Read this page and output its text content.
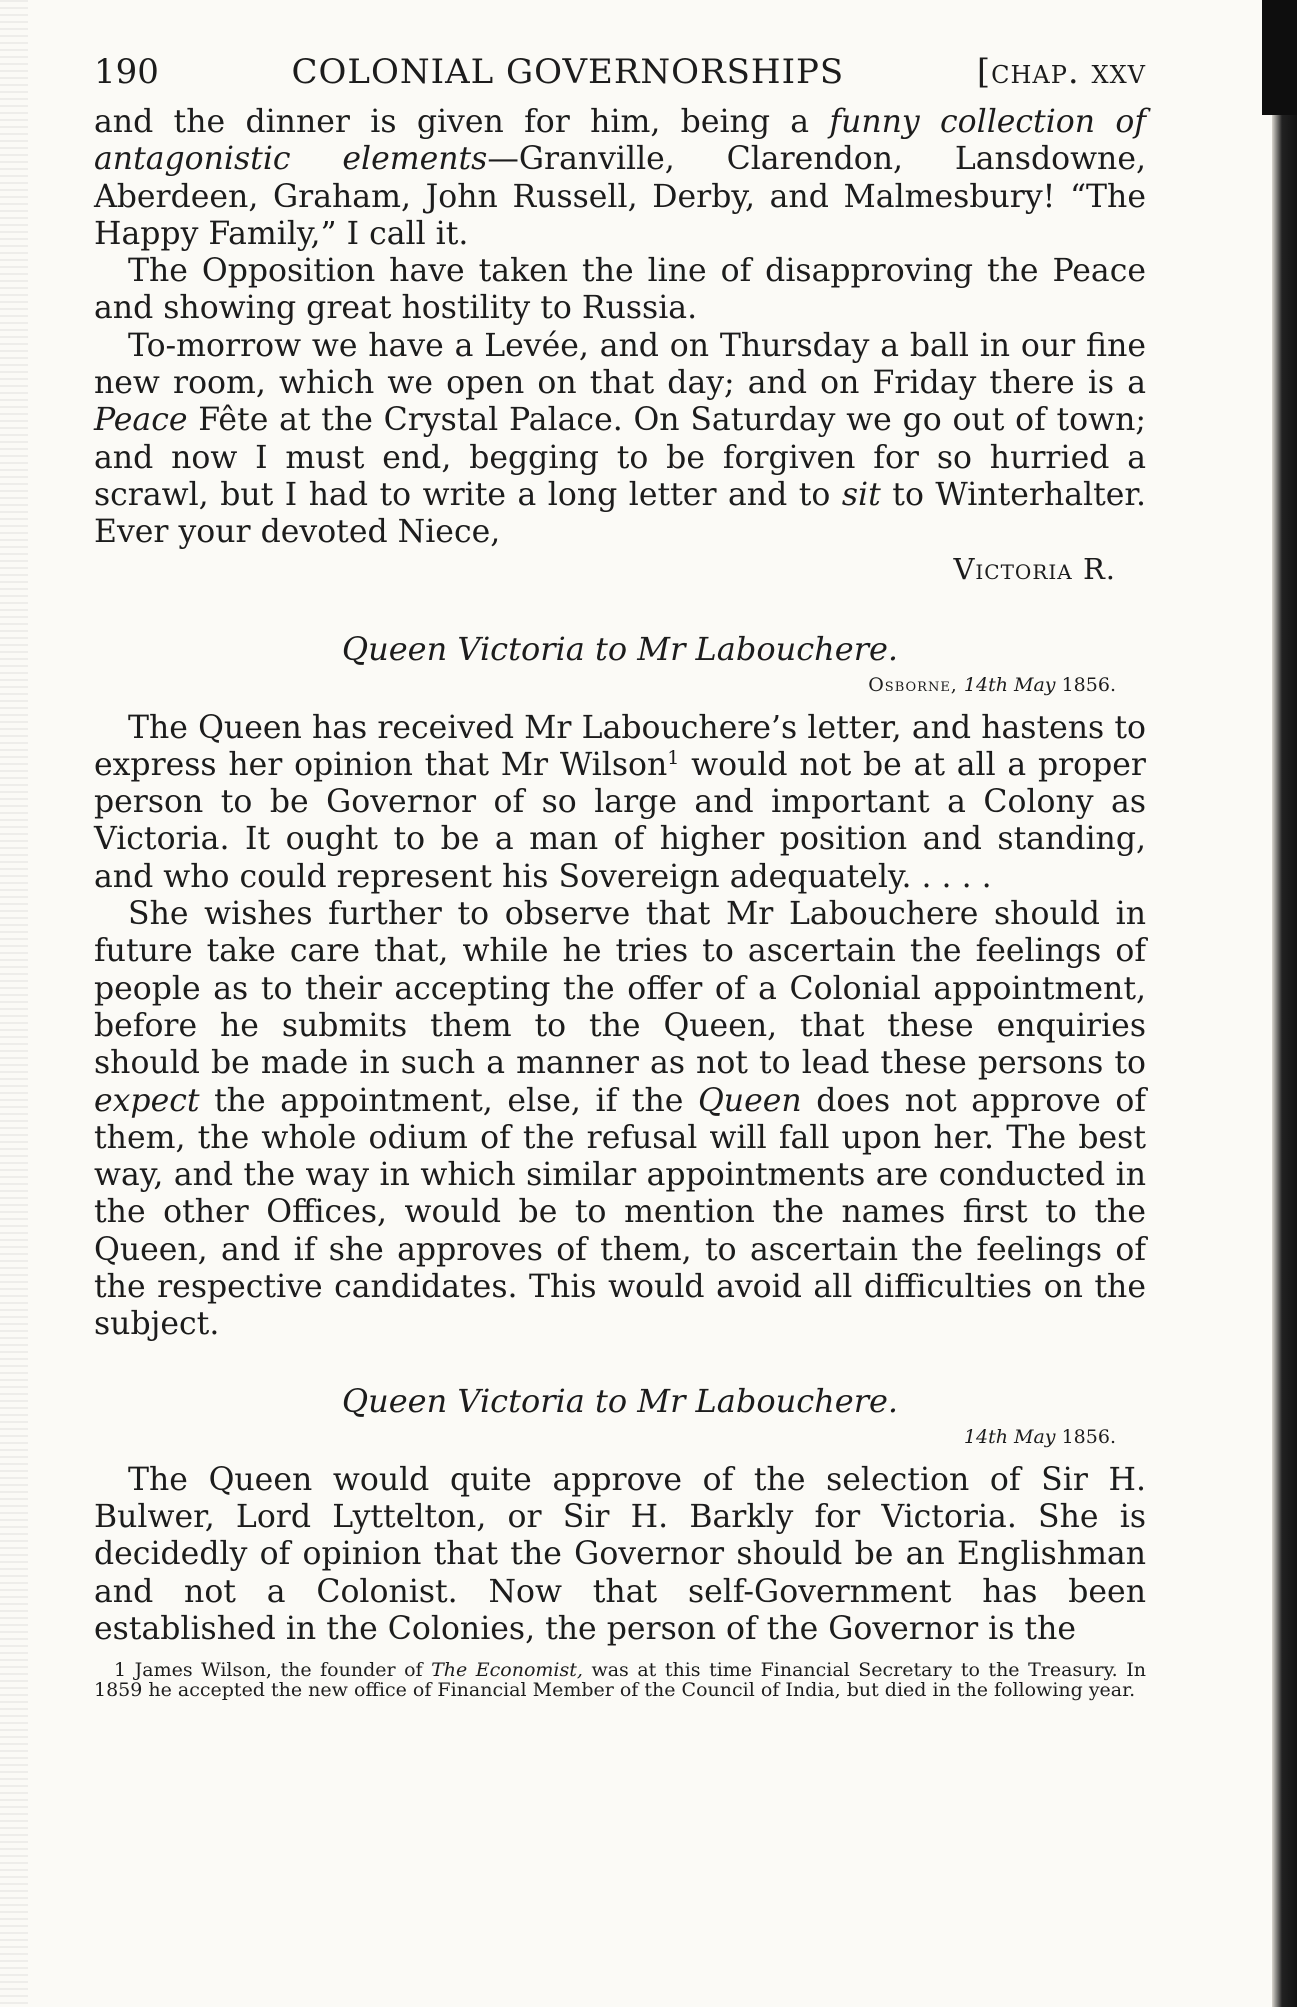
190	COLONIAL GOVERNORSHIPS	[chap. xxv

and the dinner is given for him, being a funny collection of antagonistic elements—Granville, Clarendon, Lansdowne, Aberdeen, Graham, John Russell, Derby, and Malmesbury! “The Happy Family,” I call it.

The Opposition have taken the line of disapproving the Peace and showing great hostility to Russia.

To-morrow we have a Levée, and on Thursday a ball in our fine new room, which we open on that day; and on Friday there is a Peace Fête at the Crystal Palace. On Saturday we go out of town; and now I must end, begging to be forgiven for so hurried a scrawl, but I had to write a long letter and to sit to Winterhalter. Ever your devoted Niece,

Victoria R.
Queen Victoria to Mr Labouchere.
Osborne, 14th May 1856.

The Queen has received Mr Labouchere’s letter, and hastens to express her opinion that Mr Wilson$^1$ would not be at all a proper person to be Governor of so large and important a Colony as Victoria. It ought to be a man of higher position and standing, and who could represent his Sovereign adequately. . . . .

She wishes further to observe that Mr Labouchere should in future take care that, while he tries to ascertain the feelings of people as to their accepting the offer of a Colonial appointment, before he submits them to the Queen, that these enquiries should be made in such a manner as not to lead these persons to expect the appointment, else, if the Queen does not approve of them, the whole odium of the refusal will fall upon her. The best way, and the way in which similar appointments are conducted in the other Offices, would be to mention the names first to the Queen, and if she approves of them, to ascertain the feelings of the respective candidates. This would avoid all difficulties on the subject.

Queen Victoria to Mr Labouchere.
14th May 1856.

The Queen would quite approve of the selection of Sir H. Bulwer, Lord Lyttelton, or Sir H. Barkly for Victoria. She is decidedly of opinion that the Governor should be an Englishman and not a Colonist. Now that self-Government has been established in the Colonies, the person of the Governor is the

1 James Wilson, the founder of The Economist, was at this time Financial Secretary to the Treasury. In 1859 he accepted the new office of Financial Member of the Council of India, but died in the following year.
